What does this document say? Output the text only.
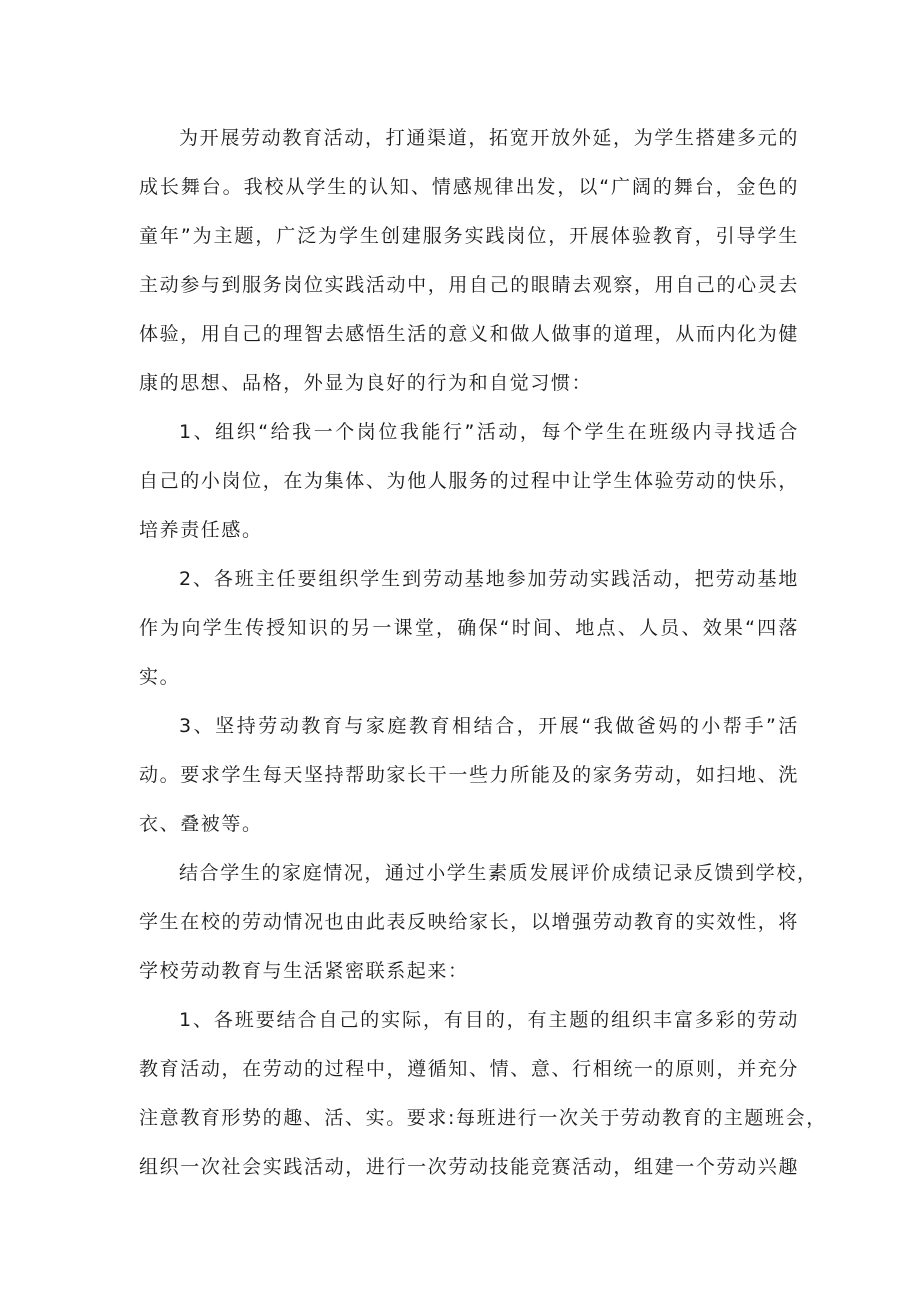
为开展劳动教育活动，打通渠道，拓宽开放外延，为学生搭建多元的
成长舞台。我校从学生的认知、情感规律出发，以“广阔的舞台，金色的
童年”为主题，广泛为学生创建服务实践岗位，开展体验教育，引导学生
主动参与到服务岗位实践活动中，用自己的眼睛去观察，用自己的心灵去
体验，用自己的理智去感悟生活的意义和做人做事的道理，从而内化为健
康的思想、品格，外显为良好的行为和自觉习惯：
1、组织“给我一个岗位我能行”活动，每个学生在班级内寻找适合
自己的小岗位，在为集体、为他人服务的过程中让学生体验劳动的快乐，
培养责任感。
2、各班主任要组织学生到劳动基地参加劳动实践活动，把劳动基地
作为向学生传授知识的另一课堂，确保“时间、地点、人员、效果“四落
实。
3、坚持劳动教育与家庭教育相结合，开展“我做爸妈的小帮手”活
动。要求学生每天坚持帮助家长干一些力所能及的家务劳动，如扫地、洗
衣、叠被等。
结合学生的家庭情况，通过小学生素质发展评价成绩记录反馈到学校，
学生在校的劳动情况也由此表反映给家长，以增强劳动教育的实效性，将
学校劳动教育与生活紧密联系起来：
1、各班要结合自己的实际，有目的，有主题的组织丰富多彩的劳动
教育活动，在劳动的过程中，遵循知、情、意、行相统一的原则，并充分
注意教育形势的趣、活、实。要求:每班进行一次关于劳动教育的主题班会，
组织一次社会实践活动，进行一次劳动技能竞赛活动，组建一个劳动兴趣
